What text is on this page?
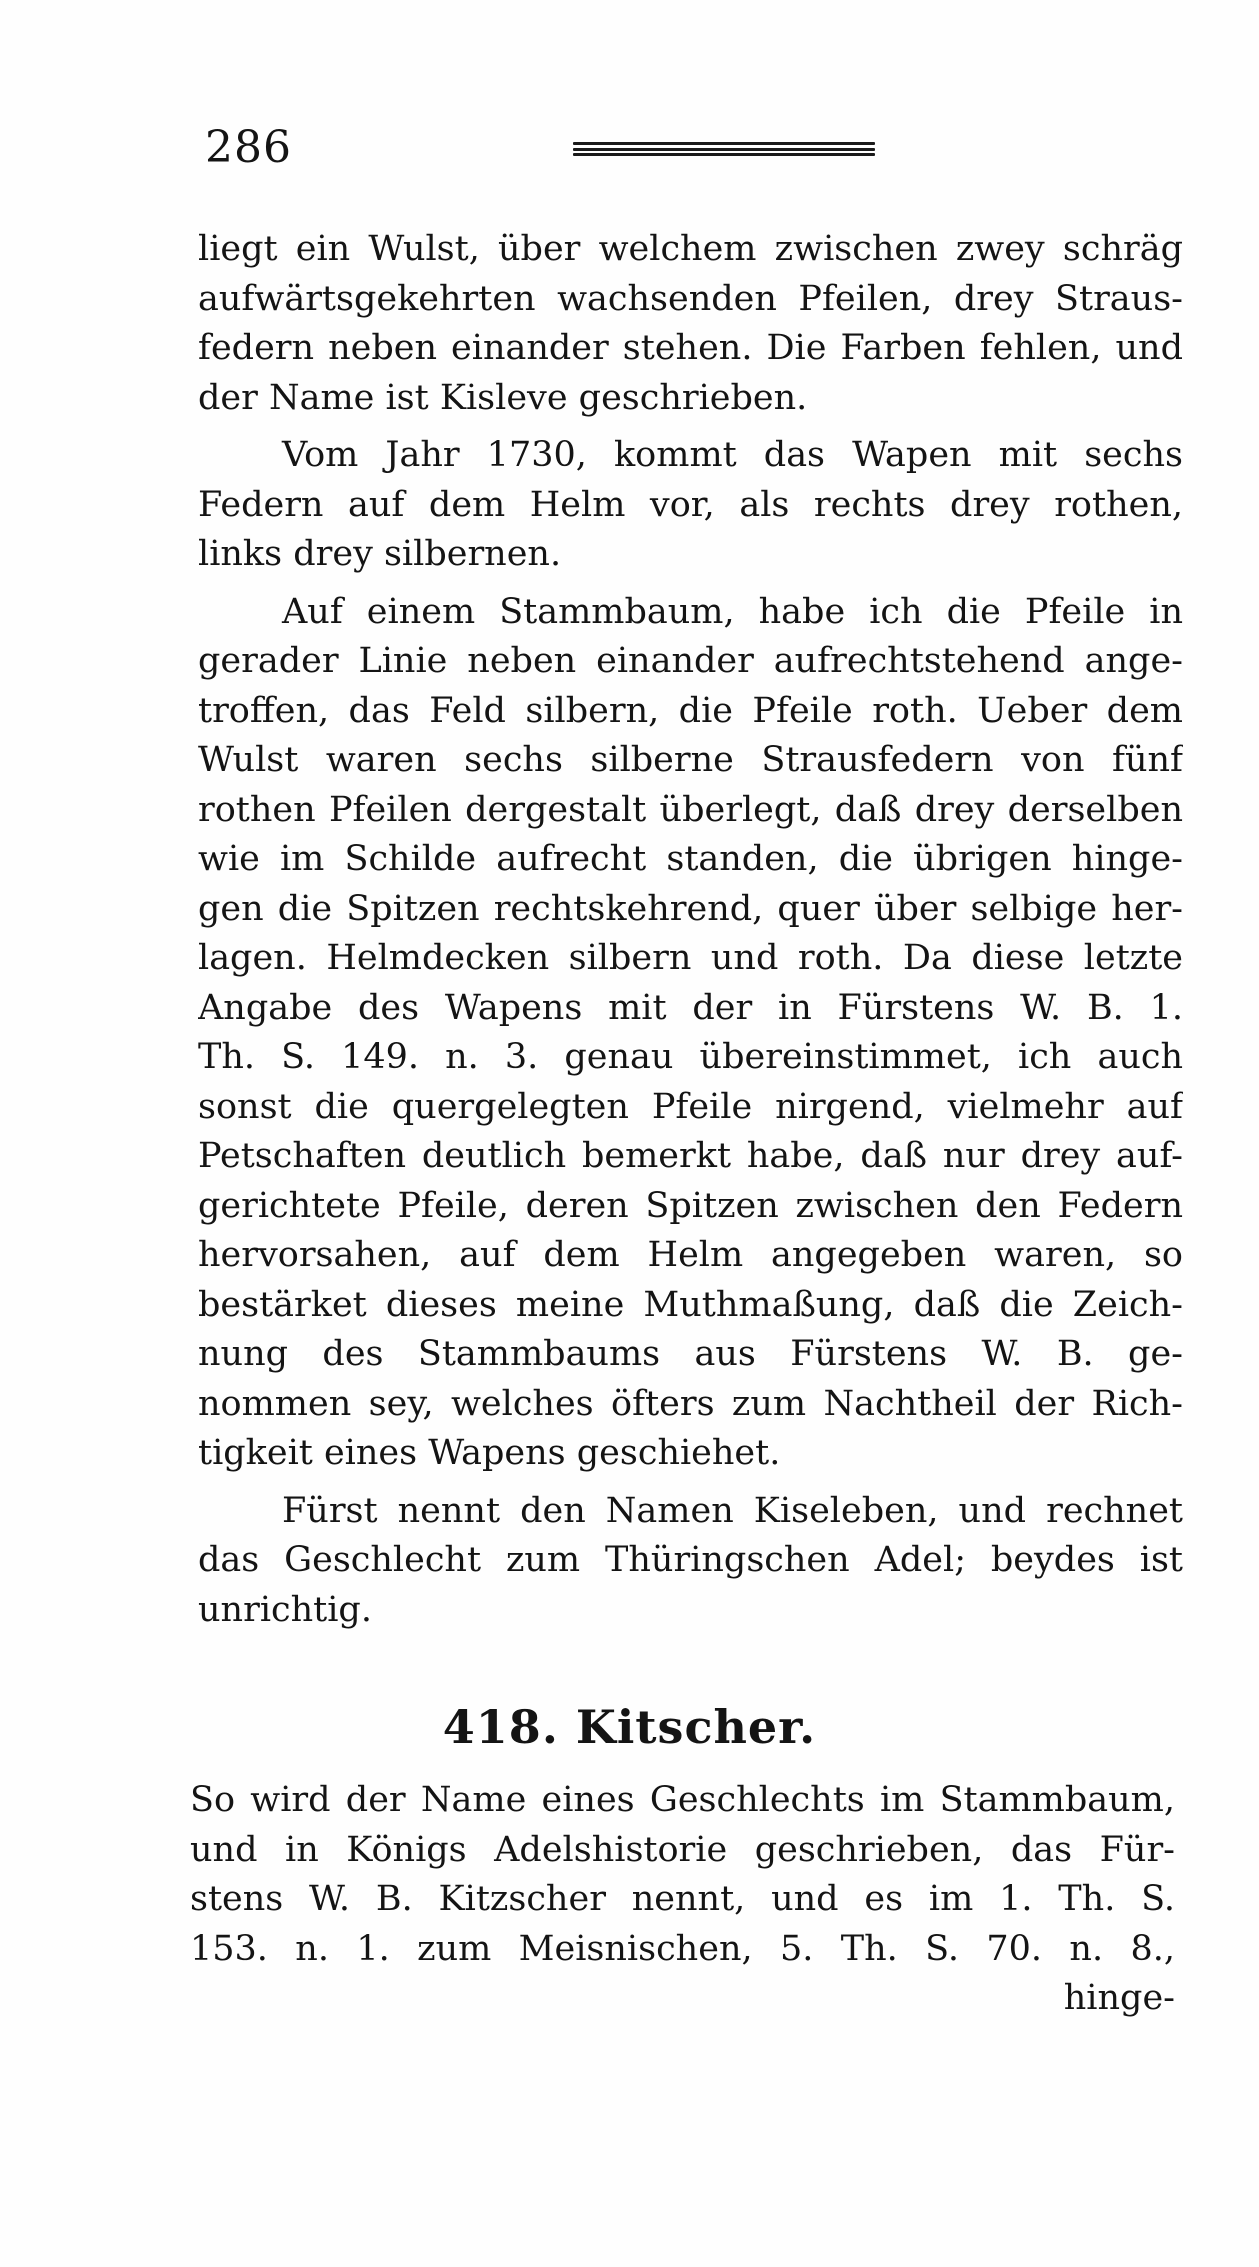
286
liegt ein Wulst, über welchem zwischen zwey schräg
aufwärtsgekehrten wachsenden Pfeilen, drey Straus-
federn neben einander stehen. Die Farben fehlen, und
der Name ist Kisleve geschrieben.
Vom Jahr 1730, kommt das Wapen mit sechs
Federn auf dem Helm vor, als rechts drey rothen,
links drey silbernen.
Auf einem Stammbaum, habe ich die Pfeile in
gerader Linie neben einander aufrechtstehend ange-
troffen, das Feld silbern, die Pfeile roth. Ueber dem
Wulst waren sechs silberne Strausfedern von fünf
rothen Pfeilen dergestalt überlegt, daß drey derselben
wie im Schilde aufrecht standen, die übrigen hinge-
gen die Spitzen rechtskehrend, quer über selbige her-
lagen. Helmdecken silbern und roth. Da diese letzte
Angabe des Wapens mit der in Fürstens W. B. 1.
Th. S. 149. n. 3. genau übereinstimmet, ich auch
sonst die quergelegten Pfeile nirgend, vielmehr auf
Petschaften deutlich bemerkt habe, daß nur drey auf-
gerichtete Pfeile, deren Spitzen zwischen den Federn
hervorsahen, auf dem Helm angegeben waren, so
bestärket dieses meine Muthmaßung, daß die Zeich-
nung des Stammbaums aus Fürstens W. B. ge-
nommen sey, welches öfters zum Nachtheil der Rich-
tigkeit eines Wapens geschiehet.
Fürst nennt den Namen Kiseleben, und rechnet
das Geschlecht zum Thüringschen Adel; beydes ist
unrichtig.
418. Kitscher.
So wird der Name eines Geschlechts im Stammbaum,
und in Königs Adelshistorie geschrieben, das Für-
stens W. B. Kitzscher nennt, und es im 1. Th. S.
153. n. 1. zum Meisnischen, 5. Th. S. 70. n. 8.,
hinge-
